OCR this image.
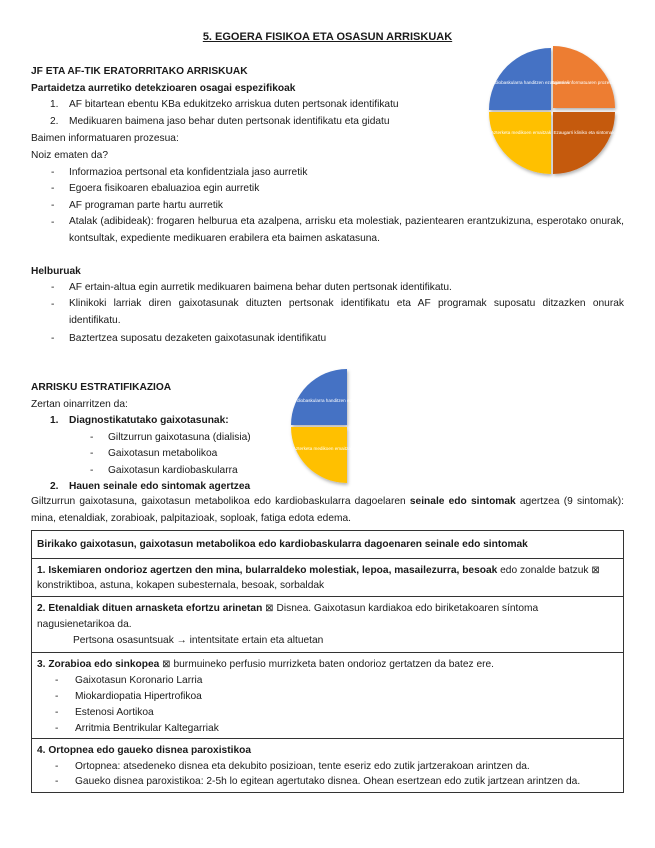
5. EGOERA FISIKOA ETA OSASUN ARRISKUAK
JF ETA AF-TIK ERATORRITAKO ARRISKUAK
Partaidetza aurretiko detekzioaren osagai espezifikoak
1. AF bitartean ebentu KBa edukitzeko arriskua duten pertsonak identifikatu
2. Medikuaren baimena jaso behar duten pertsonak identifikatu eta gidatu
Baimen informatuaren prozesua:
Noiz ematen da?
- Informazioa pertsonal eta konfidentziala jaso aurretik
- Egoera fisikoaren ebaluazioa egin aurretik
- AF programan parte hartu aurretik
- Atalak (adibideak): frogaren helburua eta azalpena, arrisku eta molestiak, pazientearen erantzukizuna, esperotako onurak, kontsultak, expediente medikuaren erabilera eta baimen askatasuna.
Arrisku kardiobaskularra handitzen ezaugarriak
Baimen informatuaren prozesua
Ezaugarri kliniko eta sintomak
Azterketa medikoen emaitzak
Helburuak
- AF ertain-altua egin aurretik medikuaren baimena behar duten pertsonak identifikatu.
- Klinikoki larriak diren gaixotasunak dituzten pertsonak identifikatu eta AF programak suposatu ditzazken onurak identifikatu.
- Baztertzea suposatu dezaketen gaixotasunak identifikatu
ARRISKU ESTRATIFIKAZIOA
Zertan oinarritzen da:
1. Diagnostikatutako gaixotasunak:
- Giltzurrun gaixotasuna (dialisia)
- Gaixotasun metabolikoa
- Gaixotasun kardiobaskularra
2. Hauen seinale edo sintomak agertzea
Giltzurrun gaixotasuna, gaixotasun metabolikoa edo kardiobaskularra dagoelaren seinale edo sintomak agertzea (9 sintomak): mina, etenaldiak, zorabioak, palpitazioak, soploak, fatiga edota edema.
Arrisku kardiobaskularra handitzen ezaugarriak
Azterketa medikoen emaitzak
Birikako gaixotasun, gaixotasun metabolikoa edo kardiobaskularra dagoenaren seinale edo sintomak
1. Iskemiaren ondorioz agertzen den mina, bularraldeko molestiak, lepoa, masailezurra, besoak edo zonalde batzuk ⊠
konstriktiboa, astuna, kokapen subesternala, besoak, sorbaldak
2. Etenaldiak dituen arnasketa efortzu arinetan ⊠ Disnea. Gaixotasun kardiakoa edo biriketakoaren síntoma
nagusienetarikoa da.
Pertsona osasuntsuak → intentsitate ertain eta altuetan
3. Zorabioa edo sinkopea ⊠ burmuineko perfusio murrizketa baten ondorioz gertatzen da batez ere.
- Gaixotasun Koronario Larria
- Miokardiopatia Hipertrofikoa
- Estenosi Aortikoa
- Arritmia Bentrikular Kaltegarriak
4. Ortopnea edo gaueko disnea paroxistikoa
- Ortopnea: atsedeneko disnea eta dekubito posizioan, tente eseriz edo zutik jartzerakoan arintzen da.
- Gaueko disnea paroxistikoa: 2-5h lo egitean agertutako disnea. Ohean esertzean edo zutik jartzean arintzen da.
